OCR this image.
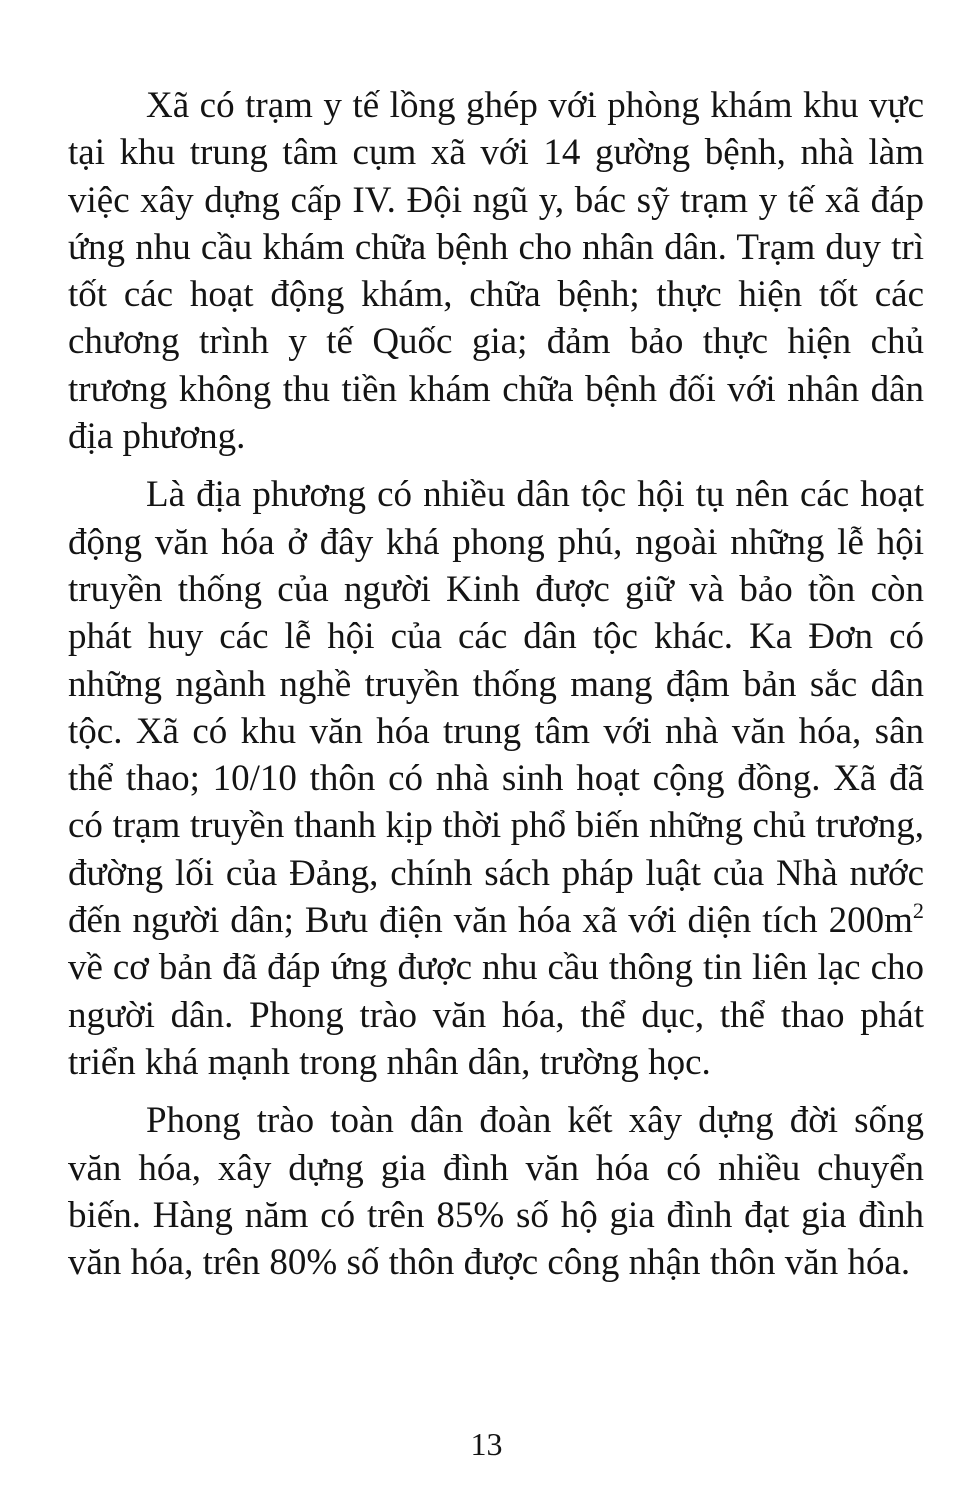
Xã có trạm y tế lồng ghép với phòng khám khu vực tại khu trung tâm cụm xã với 14 gường bệnh, nhà làm việc xây dựng cấp IV. Đội ngũ y, bác sỹ trạm y tế xã đáp ứng nhu cầu khám chữa bệnh cho nhân dân. Trạm duy trì tốt các hoạt động khám, chữa bệnh; thực hiện tốt các chương trình y tế Quốc gia; đảm bảo thực hiện chủ trương không thu tiền khám chữa bệnh đối với nhân dân địa phương.

Là địa phương có nhiều dân tộc hội tụ nên các hoạt động văn hóa ở đây khá phong phú, ngoài những lễ hội truyền thống của người Kinh được giữ và bảo tồn còn phát huy các lễ hội của các dân tộc khác. Ka Đơn có những ngành nghề truyền thống mang đậm bản sắc dân tộc. Xã có khu văn hóa trung tâm với nhà văn hóa, sân thể thao; 10/10 thôn có nhà sinh hoạt cộng đồng. Xã đã có trạm truyền thanh kịp thời phổ biến những chủ trương, đường lối của Đảng, chính sách pháp luật của Nhà nước đến người dân; Bưu điện văn hóa xã với diện tích $200m^2$ về cơ bản đã đáp ứng được nhu cầu thông tin liên lạc cho người dân. Phong trào văn hóa, thể dục, thể thao phát triển khá mạnh trong nhân dân, trường học.

Phong trào toàn dân đoàn kết xây dựng đời sống văn hóa, xây dựng gia đình văn hóa có nhiều chuyển biến. Hàng năm có trên 85% số hộ gia đình đạt gia đình văn hóa, trên 80% số thôn được công nhận thôn văn hóa.

13
